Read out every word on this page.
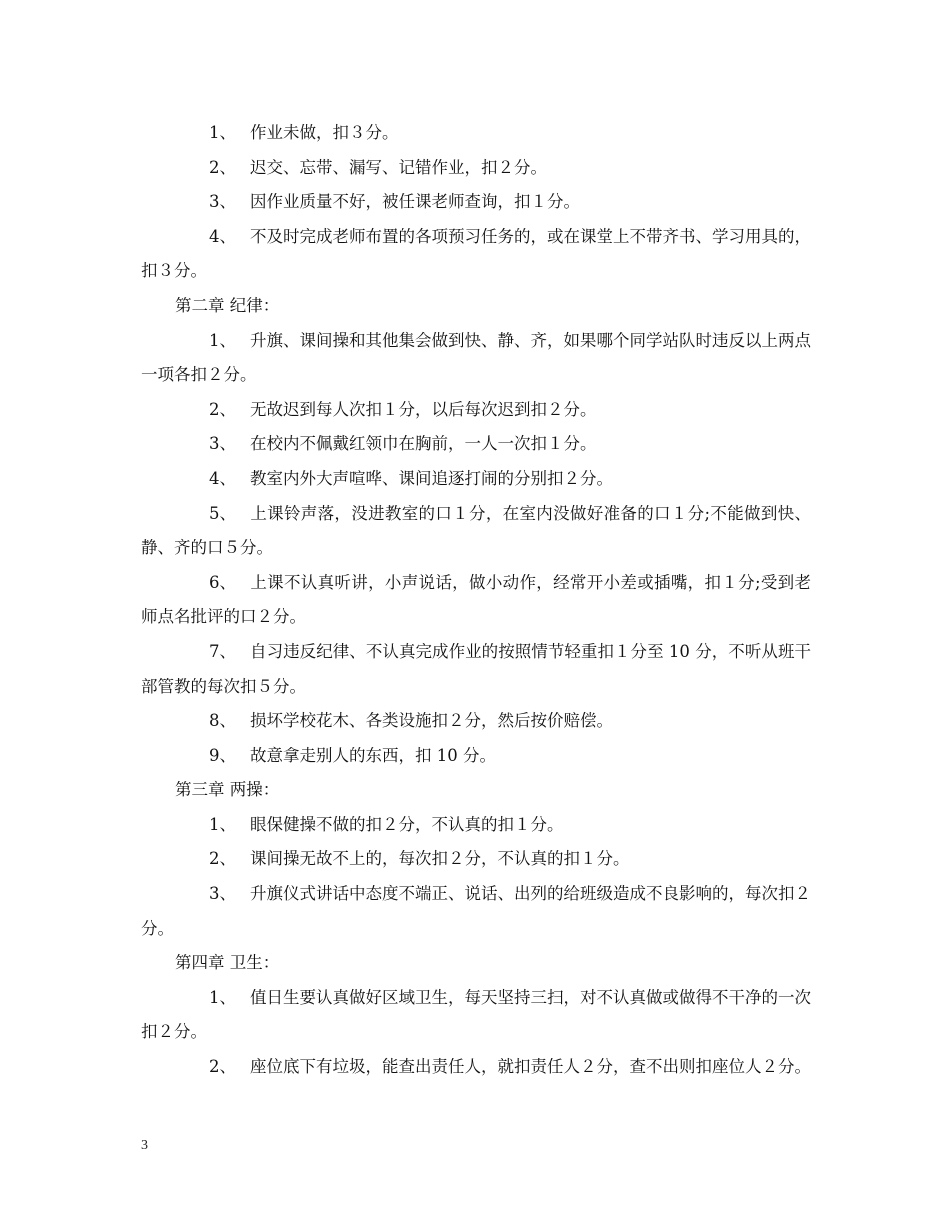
1、 作业未做，扣３分。

2、 迟交、忘带、漏写、记错作业，扣２分。

3、 因作业质量不好，被任课老师查询，扣１分。

4、 不及时完成老师布置的各项预习任务的，或在课堂上不带齐书、学习用具的，扣３分。

第二章 纪律：

1、 升旗、课间操和其他集会做到快、静、齐，如果哪个同学站队时违反以上两点一项各扣２分。

2、 无故迟到每人次扣１分，以后每次迟到扣２分。

3、 在校内不佩戴红领巾在胸前，一人一次扣１分。

4、 教室内外大声喧哗、课间追逐打闹的分别扣２分。

5、 上课铃声落，没进教室的口１分，在室内没做好准备的口１分;不能做到快、静、齐的口５分。

6、 上课不认真听讲，小声说话，做小动作，经常开小差或插嘴，扣１分;受到老师点名批评的口２分。

7、 自习违反纪律、不认真完成作业的按照情节轻重扣１分至 10 分，不听从班干部管教的每次扣５分。

8、 损坏学校花木、各类设施扣２分，然后按价赔偿。

9、 故意拿走别人的东西，扣 10 分。

第三章 两操：

1、 眼保健操不做的扣２分，不认真的扣１分。

2、 课间操无故不上的，每次扣２分，不认真的扣１分。

3、 升旗仪式讲话中态度不端正、说话、出列的给班级造成不良影响的，每次扣２分。

第四章 卫生：

1、 值日生要认真做好区域卫生，每天坚持三扫，对不认真做或做得不干净的一次扣２分。

2、 座位底下有垃圾，能查出责任人，就扣责任人２分，查不出则扣座位人２分。

3
